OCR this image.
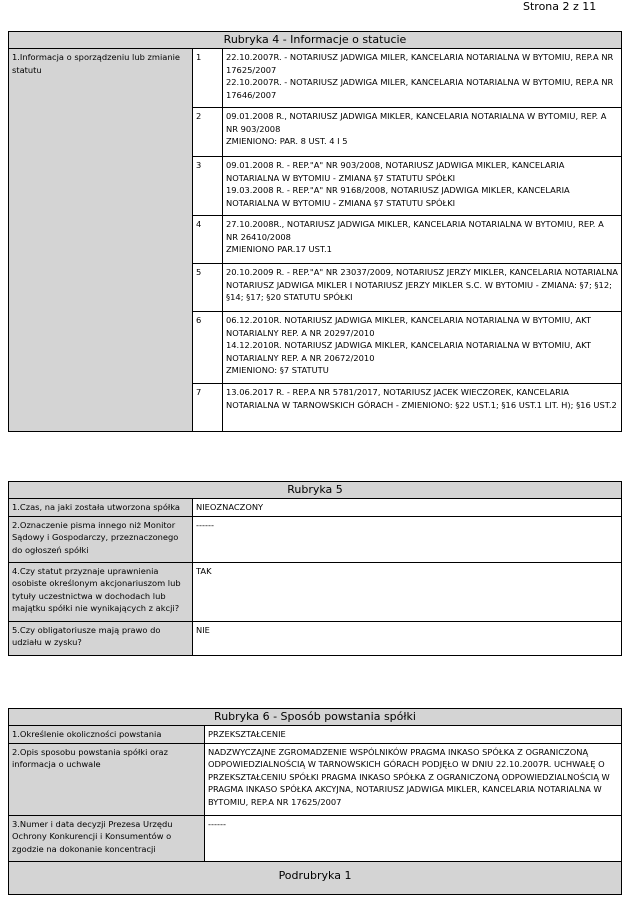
Strona 2 z 11
Rubryka 4 - Informacje o statucie		
1.Informacja o sporządzeniu lub zmianie statutu	1	22.10.2007R. - NOTARIUSZ JADWIGA MILER, KANCELARIA NOTARIALNA W BYTOMIU, REP.A NR 17625/2007
22.10.2007R. - NOTARIUSZ JADWIGA MILER, KANCELARIA NOTARIALNA W BYTOMIU, REP.A NR 17646/2007
	2	09.01.2008 R., NOTARIUSZ JADWIGA MIKLER, KANCELARIA NOTARIALNA W BYTOMIU, REP. A NR 903/2008
ZMIENIONO: PAR. 8 UST. 4 I 5
	3	09.01.2008 R. - REP."A" NR 903/2008, NOTARIUSZ JADWIGA MIKLER, KANCELARIA NOTARIALNA W BYTOMIU - ZMIANA §7 STATUTU SPÓŁKI
19.03.2008 R. - REP."A" NR 9168/2008, NOTARIUSZ JADWIGA MIKLER, KANCELARIA NOTARIALNA W BYTOMIU - ZMIANA §7 STATUTU SPÓŁKI
	4	27.10.2008R., NOTARIUSZ JADWIGA MIKLER, KANCELARIA NOTARIALNA W BYTOMIU, REP. A NR 26410/2008
ZMIENIONO PAR.17 UST.1
	5	20.10.2009 R. - REP."A" NR 23037/2009, NOTARIUSZ JERZY MIKLER, KANCELARIA NOTARIALNA NOTARIUSZ JADWIGA MIKLER I NOTARIUSZ JERZY MIKLER S.C. W BYTOMIU - ZMIANA: §7; §12; §14; §17; §20 STATUTU SPÓŁKI
	6	06.12.2010R. NOTARIUSZ JADWIGA MIKLER, KANCELARIA NOTARIALNA W BYTOMIU, AKT NOTARIALNY REP. A NR 20297/2010
14.12.2010R. NOTARIUSZ JADWIGA MIKLER, KANCELARIA NOTARIALNA W BYTOMIU, AKT NOTARIALNY REP. A NR 20672/2010
ZMIENIONO: §7 STATUTU
	7	13.06.2017 R. - REP.A NR 5781/2017, NOTARIUSZ JACEK WIECZOREK, KANCELARIA NOTARIALNA W TARNOWSKICH GÓRACH - ZMIENIONO: §22 UST.1; §16 UST.1 LIT. H); §16 UST.2
Rubryka 5	
1.Czas, na jaki została utworzona spółka	NIEOZNACZONY
2.Oznaczenie pisma innego niż Monitor Sądowy i Gospodarczy, przeznaczonego do ogłoszeń spółki	------
4.Czy statut przyznaje uprawnienia osobiste określonym akcjonariuszom lub tytuły uczestnictwa w dochodach lub majątku spółki nie wynikających z akcji?	TAK
5.Czy obligatoriusze mają prawo do udziału w zysku?	NIE
Rubryka 6 - Sposób powstania spółki	
1.Określenie okoliczności powstania	PRZEKSZTAŁCENIE
2.Opis sposobu powstania spółki oraz informacja o uchwale	NADZWYCZAJNE ZGROMADZENIE WSPÓLNIKÓW PRAGMA INKASO SPÓŁKA Z OGRANICZONĄ ODPOWIEDZIALNOŚCIĄ W TARNOWSKICH GÓRACH PODJĘŁO W DNIU 22.10.2007R. UCHWAŁĘ O PRZEKSZTAŁCENIU SPÓŁKI PRAGMA INKASO SPÓŁKA Z OGRANICZONĄ ODPOWIEDZIALNOŚCIĄ W PRAGMA INKASO SPÓŁKA AKCYJNA, NOTARIUSZ JADWIGA MIKLER, KANCELARIA NOTARIALNA W BYTOMIU, REP.A NR 17625/2007
3.Numer i data decyzji Prezesa Urzędu Ochrony Konkurencji i Konsumentów o zgodzie na dokonanie koncentracji	------
Podrubryka 1	
